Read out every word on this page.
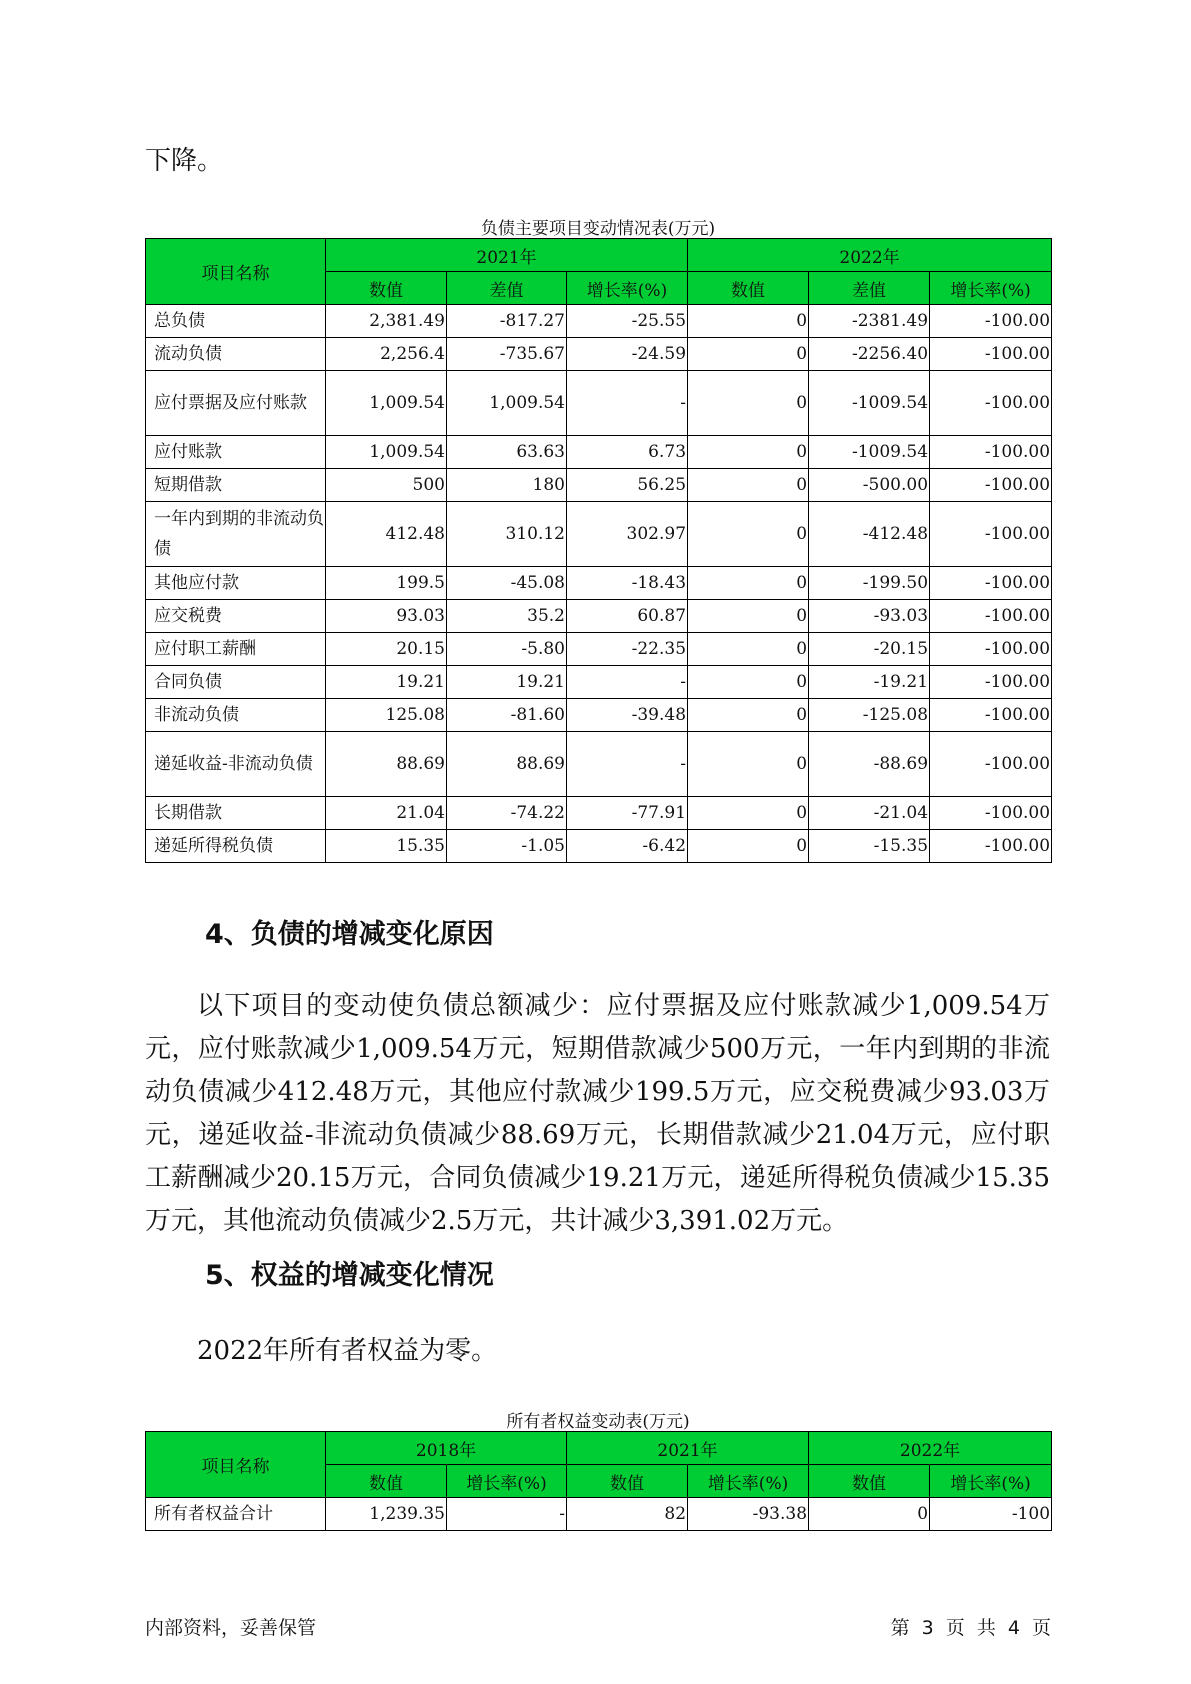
下降。

负债主要项目变动情况表(万元)

项目名称	2021年			2022年		
	数值	差值	增长率(%)	数值	差值	增长率(%)
总负债	2,381.49	-817.27	-25.55	0	-2381.49	-100.00
流动负债	2,256.4	-735.67	-24.59	0	-2256.40	-100.00
应付票据及应付账款	1,009.54	1,009.54	-	0	-1009.54	-100.00
应付账款	1,009.54	63.63	6.73	0	-1009.54	-100.00
短期借款	500	180	56.25	0	-500.00	-100.00
一年内到期的非流动负债	412.48	310.12	302.97	0	-412.48	-100.00
其他应付款	199.5	-45.08	-18.43	0	-199.50	-100.00
应交税费	93.03	35.2	60.87	0	-93.03	-100.00
应付职工薪酬	20.15	-5.80	-22.35	0	-20.15	-100.00
合同负债	19.21	19.21	-	0	-19.21	-100.00
非流动负债	125.08	-81.60	-39.48	0	-125.08	-100.00
递延收益-非流动负债	88.69	88.69	-	0	-88.69	-100.00
长期借款	21.04	-74.22	-77.91	0	-21.04	-100.00
递延所得税负债	15.35	-1.05	-6.42	0	-15.35	-100.00
4、负债的增减变化原因

以下项目的变动使负债总额减少：应付票据及应付账款减少1,009.54万元，应付账款减少1,009.54万元，短期借款减少500万元，一年内到期的非流动负债减少412.48万元，其他应付款减少199.5万元，应交税费减少93.03万元，递延收益-非流动负债减少88.69万元，长期借款减少21.04万元，应付职工薪酬减少20.15万元，合同负债减少19.21万元，递延所得税负债减少15.35万元，其他流动负债减少2.5万元，共计减少3,391.02万元。

5、权益的增减变化情况

2022年所有者权益为零。

所有者权益变动表(万元)

项目名称	2018年		2021年		2022年	
	数值	增长率(%)	数值	增长率(%)	数值	增长率(%)
所有者权益合计	1,239.35	-	82	-93.38	0	-100
内部资料，妥善保管	第 3 页 共 4 页
